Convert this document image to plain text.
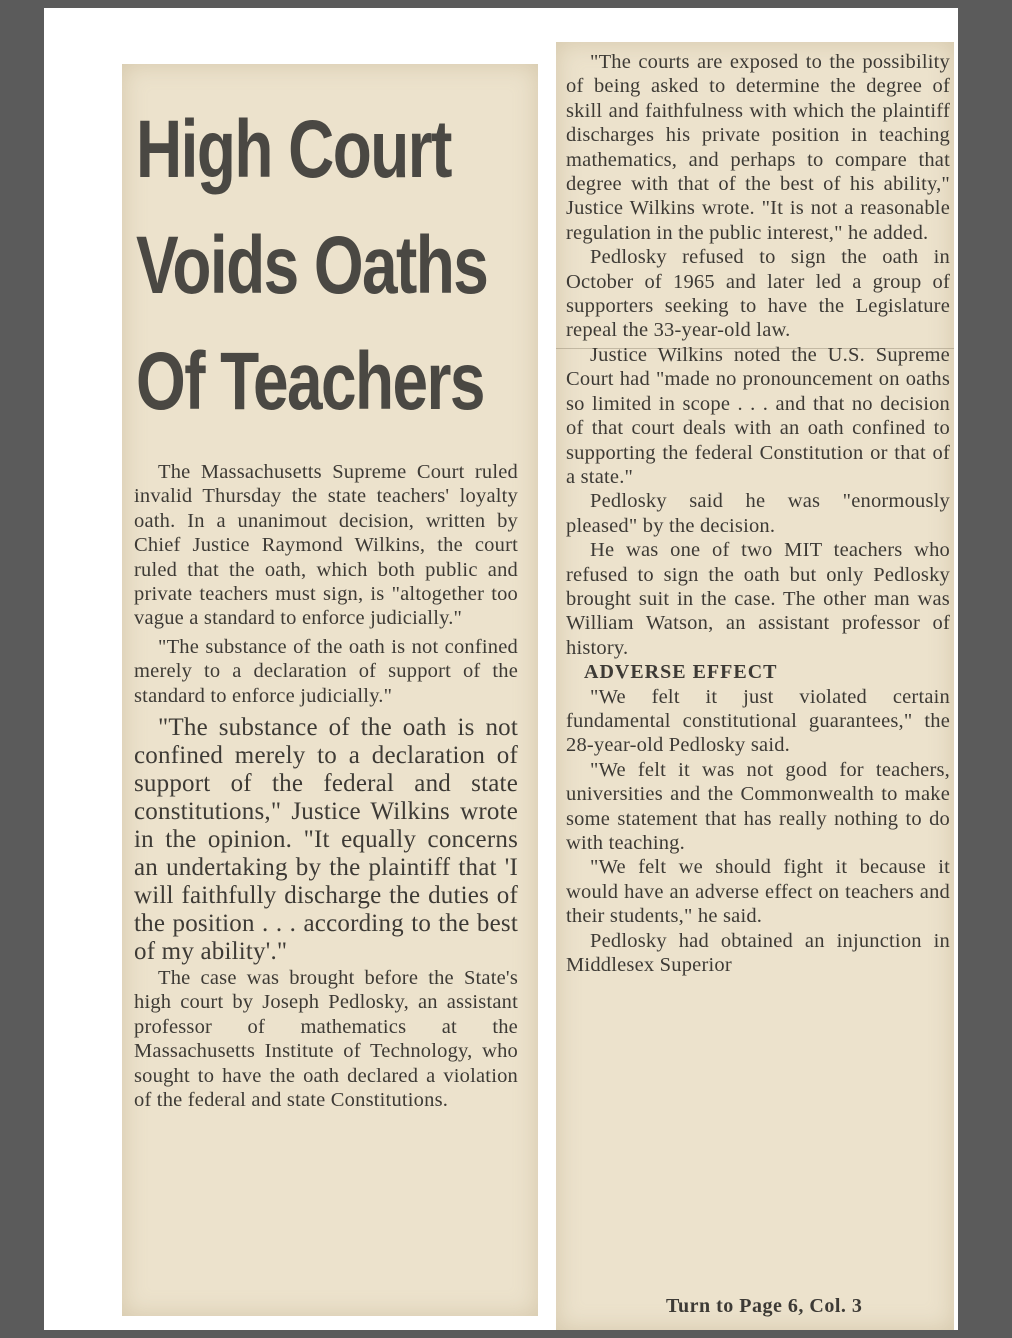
High Court
Voids Oaths
Of Teachers

The Massachusetts Supreme Court ruled invalid Thursday the state teachers' loyalty oath. In a unanimout decision, written by Chief Justice Raymond Wilkins, the court ruled that the oath, which both public and private teachers must sign, is "altogether too vague a standard to enforce judicially."

"The substance of the oath is not confined merely to a declaration of support of the standard to enforce judicially."

"The substance of the oath is not confined merely to a declaration of support of the federal and state constitutions," Justice Wilkins wrote in the opinion. "It equally concerns an undertaking by the plaintiff that 'I will faithfully discharge the duties of the position . . . according to the best of my ability'."

The case was brought before the State's high court by Joseph Pedlosky, an assistant professor of mathematics at the Massachusetts Institute of Technology, who sought to have the oath declared a violation of the federal and state Constitutions.

"The courts are exposed to the possibility of being asked to determine the degree of skill and faithfulness with which the plaintiff discharges his private position in teaching mathematics, and perhaps to compare that degree with that of the best of his ability," Justice Wilkins wrote. "It is not a reasonable regulation in the public interest," he added.

Pedlosky refused to sign the oath in October of 1965 and later led a group of supporters seeking to have the Legislature repeal the 33-year-old law.

Justice Wilkins noted the U.S. Supreme Court had "made no pronouncement on oaths so limited in scope . . . and that no decision of that court deals with an oath confined to supporting the federal Constitution or that of a state."

Pedlosky said he was "enormously pleased" by the decision.

He was one of two MIT teachers who refused to sign the oath but only Pedlosky brought suit in the case. The other man was William Watson, an assistant professor of history.

ADVERSE EFFECT

"We felt it just violated certain fundamental constitutional guarantees," the 28-year-old Pedlosky said.

"We felt it was not good for teachers, universities and the Commonwealth to make some statement that has really nothing to do with teaching.

"We felt we should fight it because it would have an adverse effect on teachers and their students," he said.

Pedlosky had obtained an injunction in Middlesex Superior

Turn to Page 6, Col. 3
